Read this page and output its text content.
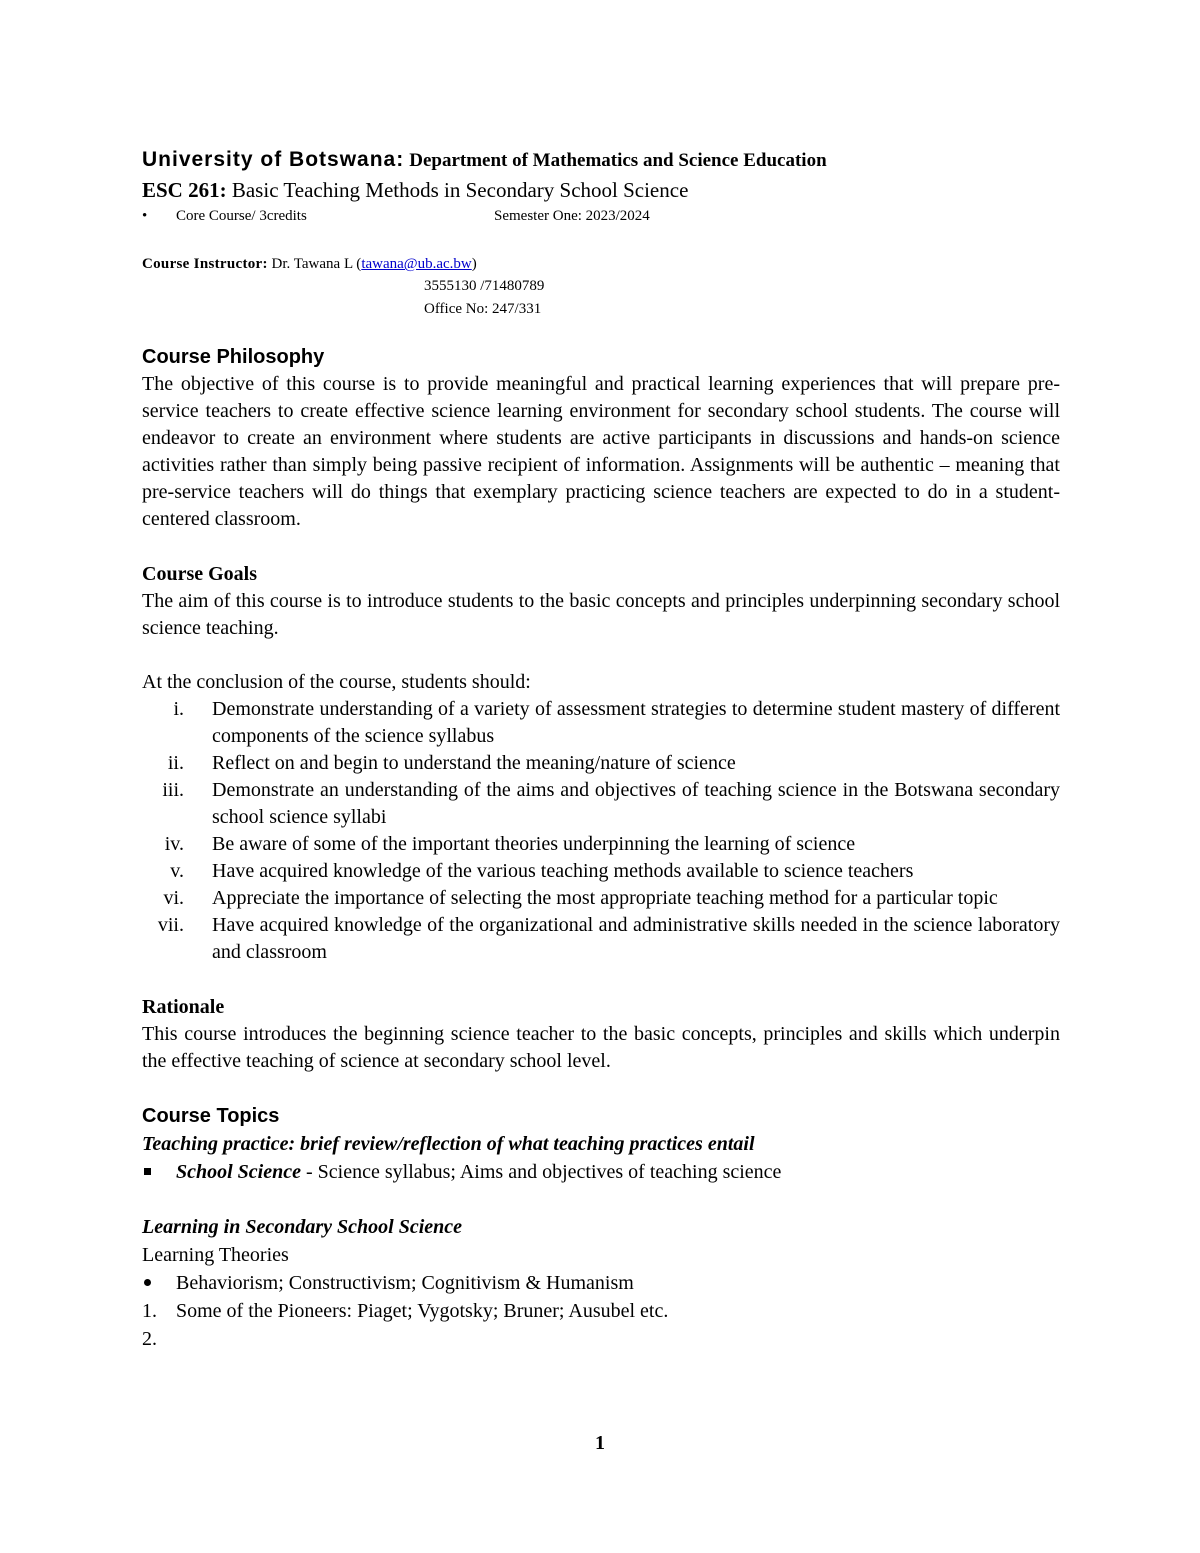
University of Botswana: Department of Mathematics and Science Education
ESC 261: Basic Teaching Methods in Secondary School Science
• Core Course/ 3credits	Semester One: 2023/2024
Course Instructor: Dr. Tawana L (tawana@ub.ac.bw)
3555130 /71480789
Office No: 247/331
Course Philosophy

The objective of this course is to provide meaningful and practical learning experiences that will prepare pre-service teachers to create effective science learning environment for secondary school students. The course will endeavor to create an environment where students are active participants in discussions and hands-on science activities rather than simply being passive recipient of information. Assignments will be authentic – meaning that pre-service teachers will do things that exemplary practicing science teachers are expected to do in a student-centered classroom.

Course Goals

The aim of this course is to introduce students to the basic concepts and principles underpinning secondary school science teaching.

At the conclusion of the course, students should:

i. Demonstrate understanding of a variety of assessment strategies to determine student mastery of different components of the science syllabus
ii. Reflect on and begin to understand the meaning/nature of science
iii. Demonstrate an understanding of the aims and objectives of teaching science in the Botswana secondary school science syllabi
iv. Be aware of some of the important theories underpinning the learning of science
v. Have acquired knowledge of the various teaching methods available to science teachers
vi. Appreciate the importance of selecting the most appropriate teaching method for a particular topic
vii. Have acquired knowledge of the organizational and administrative skills needed in the science laboratory and classroom
Rationale

This course introduces the beginning science teacher to the basic concepts, principles and skills which underpin the effective teaching of science at secondary school level.

Course Topics
Teaching practice: brief review/reflection of what teaching practices entail
School Science - Science syllabus; Aims and objectives of teaching science
Learning in Secondary School Science
Learning Theories
Behaviorism; Constructivism; Cognitivism & Humanism
1. Some of the Pioneers: Piaget; Vygotsky; Bruner; Ausubel etc.
2.
1
